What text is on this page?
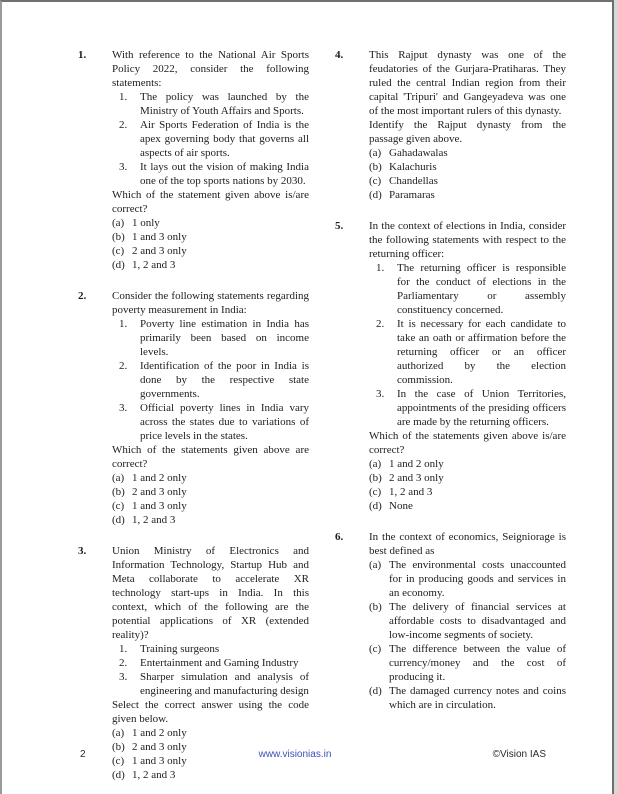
1.	With reference to the National Air Sports Policy 2022, consider the following statements:

1.	The policy was launched by the Ministry of Youth Affairs and Sports.
2.	Air Sports Federation of India is the apex governing body that governs all aspects of air sports.
3.	It lays out the vision of making India one of the top sports nations by 2030.

Which of the statement given above is/are correct?

(a) 1 only
(b) 1 and 3 only
(c) 2 and 3 only
(d) 1, 2 and 3
2.	Consider the following statements regarding poverty measurement in India:

1.	Poverty line estimation in India has primarily been based on income levels.
2.	Identification of the poor in India is done by the respective state governments.
3.	Official poverty lines in India vary across the states due to variations of price levels in the states.

Which of the statements given above are correct?

(a) 1 and 2 only
(b) 2 and 3 only
(c) 1 and 3 only
(d) 1, 2 and 3
3.	Union Ministry of Electronics and Information Technology, Startup Hub and Meta collaborate to accelerate XR technology start-ups in India. In this context, which of the following are the potential applications of XR (extended reality)?

1.	Training surgeons
2.	Entertainment and Gaming Industry
3.	Sharper simulation and analysis of engineering and manufacturing design

Select the correct answer using the code given below.

(a) 1 and 2 only
(b) 2 and 3 only
(c) 1 and 3 only
(d) 1, 2 and 3
4.	This Rajput dynasty was one of the feudatories of the Gurjara-Pratiharas. They ruled the central Indian region from their capital 'Tripuri' and Gangeyadeva was one of the most important rulers of this dynasty.

Identify the Rajput dynasty from the passage given above.

(a) Gahadawalas
(b) Kalachuris
(c) Chandellas
(d) Paramaras
5.	In the context of elections in India, consider the following statements with respect to the returning officer:

1.	The returning officer is responsible for the conduct of elections in the Parliamentary or assembly constituency concerned.
2.	It is necessary for each candidate to take an oath or affirmation before the returning officer or an officer authorized by the election commission.
3.	In the case of Union Territories, appointments of the presiding officers are made by the returning officers.

Which of the statements given above is/are correct?

(a) 1 and 2 only
(b) 2 and 3 only
(c) 1, 2 and 3
(d) None
6.	In the context of economics, Seigniorage is best defined as

(a) The environmental costs unaccounted for in producing goods and services in an economy.
(b) The delivery of financial services at affordable costs to disadvantaged and low-income segments of society.
(c) The difference between the value of currency/money and the cost of producing it.
(d) The damaged currency notes and coins which are in circulation.
2	www.visionias.in	©Vision IAS
